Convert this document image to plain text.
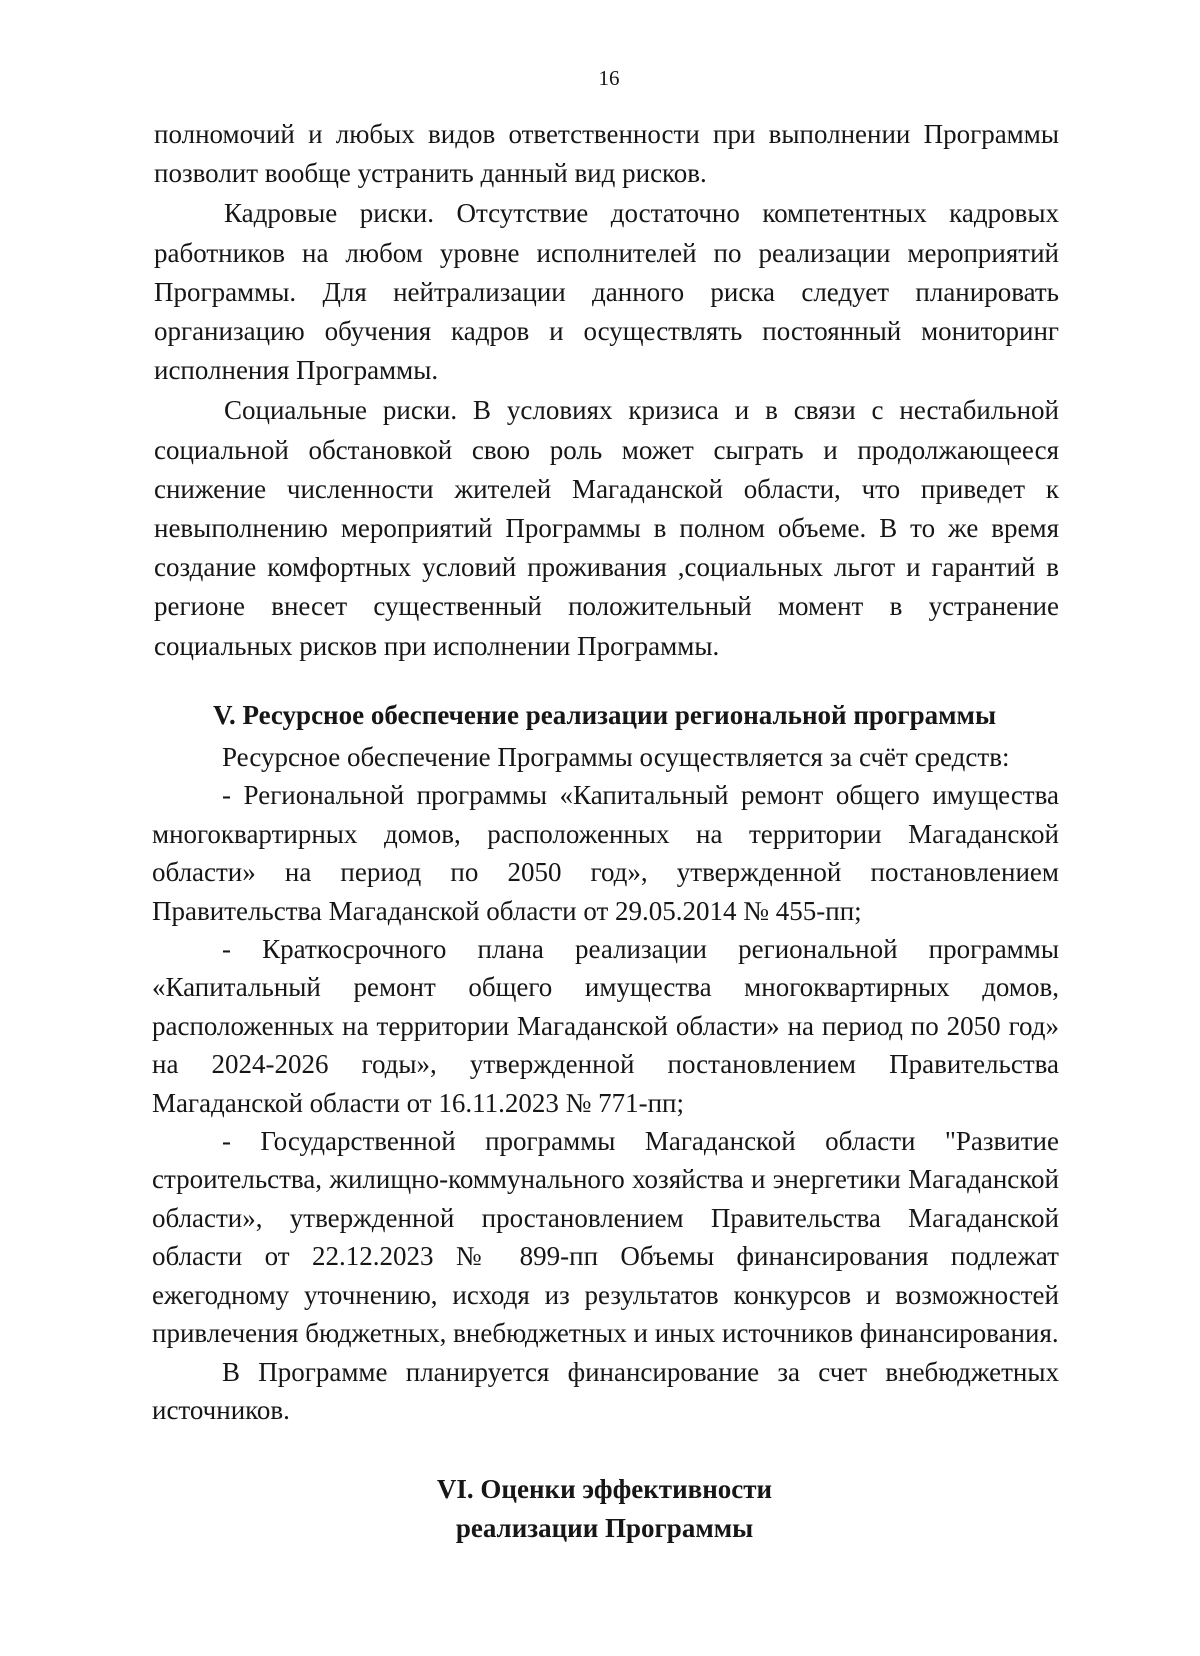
16

полномочий и любых видов ответственности при выполнении Программы позволит вообще устранить данный вид рисков.

Кадровые риски. Отсутствие достаточно компетентных кадровых работников на любом уровне исполнителей по реализации мероприятий Программы. Для нейтрализации данного риска следует планировать организацию обучения кадров и осуществлять постоянный мониторинг исполнения Программы.

Социальные риски. В условиях кризиса и в связи с нестабильной социальной обстановкой свою роль может сыграть и продолжающееся снижение численности жителей Магаданской области, что приведет к невыполнению мероприятий Программы в полном объеме. В то же время создание комфортных условий проживания ,социальных льгот и гарантий в регионе внесет существенный положительный момент в устранение социальных рисков при исполнении Программы.

V. Ресурсное обеспечение реализации региональной программы

Ресурсное обеспечение Программы осуществляется за счёт средств:

- Региональной программы «Капитальный ремонт общего имущества многоквартирных домов, расположенных на территории Магаданской области» на период по 2050 год», утвержденной постановлением Правительства Магаданской области от 29.05.2014 № 455-пп;

- Краткосрочного плана реализации региональной программы «Капитальный ремонт общего имущества многоквартирных домов, расположенных на территории Магаданской области» на период по 2050 год» на 2024-2026 годы», утвержденной постановлением Правительства Магаданской области от 16.11.2023 № 771-пп;

- Государственной программы Магаданской области "Развитие строительства, жилищно-коммунального хозяйства и энергетики Магаданской области», утвержденной простановлением Правительства Магаданской области от 22.12.2023 № 899-пп Объемы финансирования подлежат ежегодному уточнению, исходя из результатов конкурсов и возможностей привлечения бюджетных, внебюджетных и иных источников финансирования.

В Программе планируется финансирование за счет внебюджетных источников.

VI. Оценки эффективности
реализации Программы
